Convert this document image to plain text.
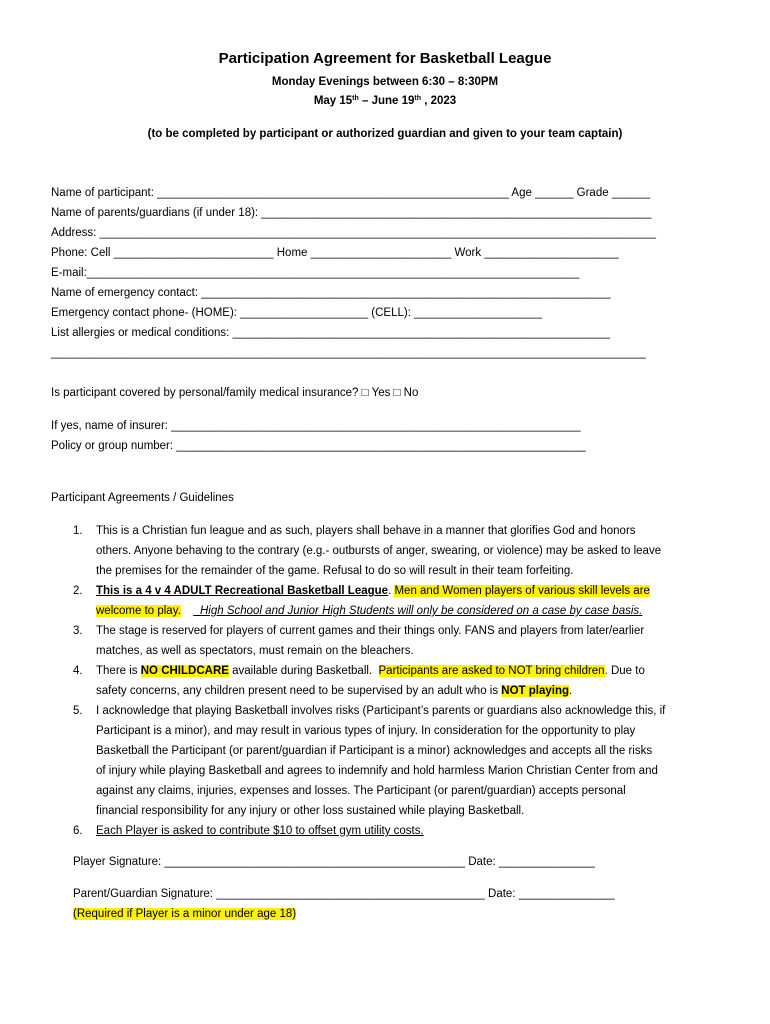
Participation Agreement for Basketball League
Monday Evenings between 6:30 – 8:30PM
May 15th – June 19th , 2023
(to be completed by participant or authorized guardian and given to your team captain)
Name of participant: _______________________________________________________ Age ______ Grade ______
Name of parents/guardians (if under 18): _____________________________________________________________
Address: _______________________________________________________________________________________
Phone: Cell _________________________ Home ______________________ Work _____________________
E-mail:_____________________________________________________________________________
Name of emergency contact: ________________________________________________________________
Emergency contact phone- (HOME): ____________________ (CELL): ____________________
List allergies or medical conditions: ___________________________________________________________
_____________________________________________________________________________________________
Is participant covered by personal/family medical insurance? □ Yes □ No
If yes, name of insurer: ________________________________________________________________
Policy or group number: ________________________________________________________________
Participant Agreements / Guidelines
1. This is a Christian fun league and as such, players shall behave in a manner that glorifies God and honors
others. Anyone behaving to the contrary (e.g.- outbursts of anger, swearing, or violence) may be asked to leave
the premises for the remainder of the game. Refusal to do so will result in their team forfeiting.
2. This is a 4 v 4 ADULT Recreational Basketball League. Men and Women players of various skill levels are
welcome to play. _High School and Junior High Students will only be considered on a case by case basis.
3. The stage is reserved for players of current games and their things only. FANS and players from later/earlier
matches, as well as spectators, must remain on the bleachers.
4. There is NO CHILDCARE available during Basketball.  Participants are asked to NOT bring children. Due to
safety concerns, any children present need to be supervised by an adult who is NOT playing.
5. I acknowledge that playing Basketball involves risks (Participant’s parents or guardians also acknowledge this, if
Participant is a minor), and may result in various types of injury. In consideration for the opportunity to play
Basketball the Participant (or parent/guardian if Participant is a minor) acknowledges and accepts all the risks
of injury while playing Basketball and agrees to indemnify and hold harmless Marion Christian Center from and
against any claims, injuries, expenses and losses. The Participant (or parent/guardian) accepts personal
financial responsibility for any injury or other loss sustained while playing Basketball.
6. Each Player is asked to contribute $10 to offset gym utility costs.
Player Signature: _______________________________________________ Date: _______________
Parent/Guardian Signature: __________________________________________ Date: _______________
(Required if Player is a minor under age 18)
